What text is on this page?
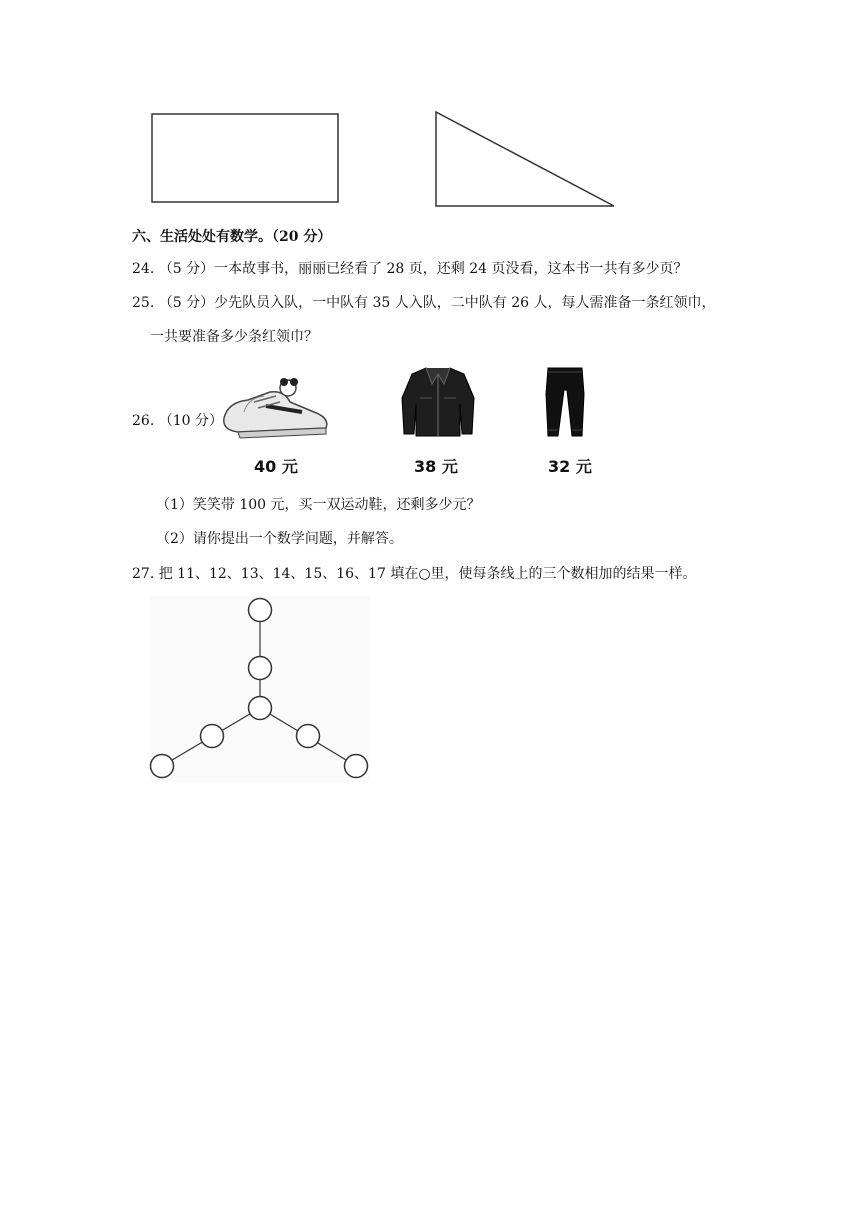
六、生活处处有数学。（20 分）
24. （5 分）一本故事书，丽丽已经看了 28 页，还剩 24 页没看，这本书一共有多少页？
25. （5 分）少先队员入队，一中队有 35 人入队，二中队有 26 人，每人需准备一条红领巾，
一共要准备多少条红领巾？
26. （10 分）
40 元	38 元	32 元
（1）笑笑带 100 元，买一双运动鞋，还剩多少元？
（2）请你提出一个数学问题，并解答。
27. 把 11、12、13、14、15、16、17 填在○里，使每条线上的三个数相加的结果一样。
